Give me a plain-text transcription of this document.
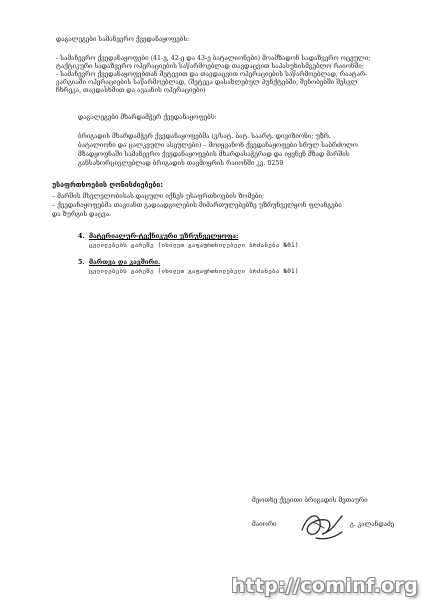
დაგალეგები სამანევრო ქვედანაყოფებს:
- სამანევრო ქვედანაყოფები (41-ე, 42-ე და 43-ე ბატალიონები) მოამზადონ სადაზვერო ოცეული;
ტაქტიკური სადაზვერო ოპერაციების საწარმოებლად თავდაცვით საპასუხისმგებლო რაიონში;
- სამანევრო ქვედანაყოფებთან შეტევით და თავდაცვით ოპერაციების საწარმოებლად, რაატარ-
ვარგიაში ოპერაციების საწარმოებლად, (შეტევა დასახლებულ პუნქტებში, შენობებში შესვლ
ჩხრეკა, თავდასხმით და ავაანის ოპერაციები)
დაგალეგები მხარდამჭერ ქვედანაყოფებს:
ბრიგადის მხარდამჭერ ქვედანაყოფებმა (ვ/სატ. ბატ. საარტ. დივიზიონი; უზრ.
ბატალიონი და ცალკეული ასეულები) – მოიყვანონ ქვედანაყოფები სრულ საბრძოლო
მზადყოფნაში სამანევრო ქვედანაყოფების მხარდასაჭერად და იყვნენ მზად მარშის
განსახორციელებლად ბრიგადის თავმოყრის რაიონში კვ. 0259
უსაფრთხოების ღონისძიებები:
– მარშის მსვლელობისას დაცული იქნეს უსაფრთხოების ზომები;
– ქვედანაყოფებმა თავიანთ გადაადგილების მიმართულებებზე უზრუნველყონ ფლანგები
და ზურგის დაცვა.
4. მატერიალურ-ტექნიკური უზრუნველყოფა:
ცვლილებებს გარეშე (იხილეთ გაფაფრთხილებელი ბრძანება №01)
5. მართვა და კავშირი.
ცვლილებებს გარეშე (იხილეთ გაფაფრთხილებელი ბრძანება №01)
მეოთხე ქვეითი ბრიგადის მეთაური
მაიორი	გ. კალანდაძე
http://cominf.org
